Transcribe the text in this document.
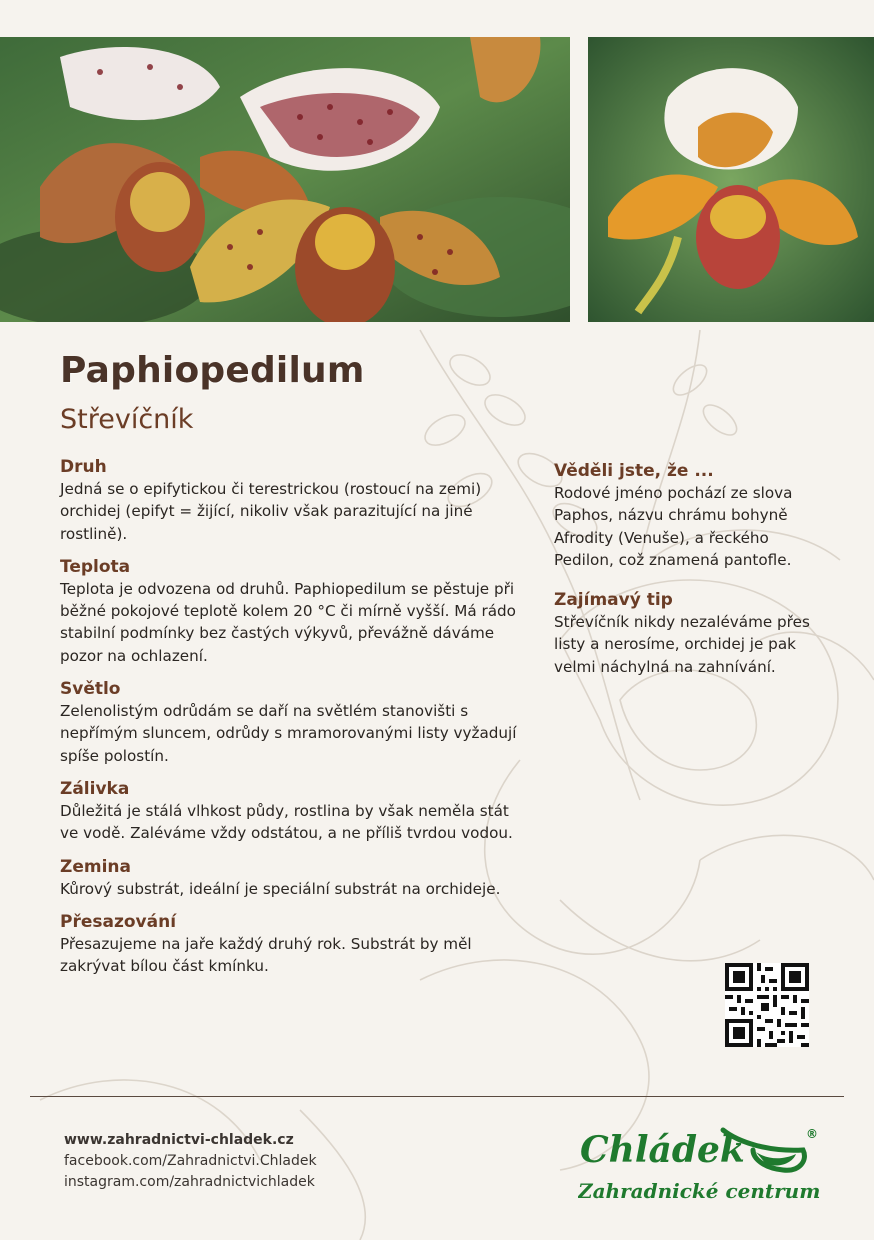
Paphiopedilum
Střevíčník
Druh

Jedná se o epifytickou či terestrickou (rostoucí na zemi) orchidej (epifyt = žijící, nikoliv však parazitující na jiné rostlině).

Teplota

Teplota je odvozena od druhů. Paphiopedilum se pěstuje při běžné pokojové teplotě kolem 20 °C či mírně vyšší. Má rádo stabilní podmínky bez častých výkyvů, převážně dáváme pozor na ochlazení.

Světlo

Zelenolistým odrůdám se daří na světlém stanovišti s nepřímým sluncem, odrůdy s mramorovanými listy vyžadují spíše polostín.

Zálivka

Důležitá je stálá vlhkost půdy, rostlina by však neměla stát ve vodě. Zaléváme vždy odstátou, a ne příliš tvrdou vodou.

Zemina

Kůrový substrát, ideální je speciální substrát na orchideje.

Přesazování

Přesazujeme na jaře každý druhý rok. Substrát by měl zakrývat bílou část kmínku.

Věděli jste, že ...

Rodové jméno pochází ze slova Paphos, názvu chrámu bohyně Afrodity (Venuše), a řeckého Pedilon, což znamená pantofle.

Zajímavý tip

Střevíčník nikdy nezaléváme přes listy a nerosíme, orchidej je pak velmi náchylná na zahnívání.

www.zahradnictvi-chladek.cz
facebook.com/Zahradnictvi.Chladek
instagram.com/zahradnictvichladek
Chládek	®
Zahradnické centrum
